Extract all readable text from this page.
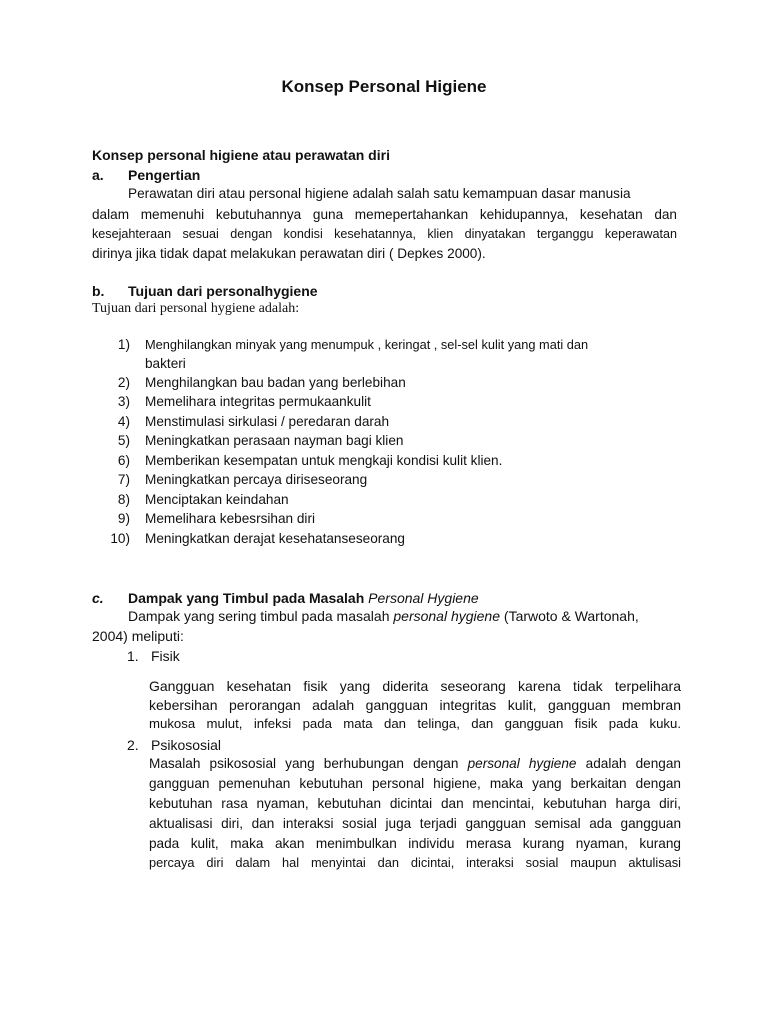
Konsep Personal Higiene
Konsep personal higiene atau perawatan diri
a. Pengertian
Perawatan diri atau personal higiene adalah salah satu kemampuan dasar manusia
dalam memenuhi kebutuhannya guna memepertahankan kehidupannya, kesehatan dan
kesejahteraan sesuai dengan kondisi kesehatannya, klien dinyatakan terganggu keperawatan
dirinya jika tidak dapat melakukan perawatan diri ( Depkes 2000).
b. Tujuan dari personalhygiene
Tujuan dari personal hygiene adalah:
1) Menghilangkan minyak yang menumpuk , keringat , sel-sel kulit yang mati dan
bakteri
2) Menghilangkan bau badan yang berlebihan
3) Memelihara integritas permukaankulit
4) Menstimulasi sirkulasi / peredaran darah
5) Meningkatkan perasaan nayman bagi klien
6) Memberikan kesempatan untuk mengkaji kondisi kulit klien.
7) Meningkatkan percaya diriseseorang
8) Menciptakan keindahan
9) Memelihara kebesrsihan diri
10) Meningkatkan derajat kesehatanseseorang
c. Dampak yang Timbul pada Masalah Personal Hygiene
Dampak yang sering timbul pada masalah personal hygiene (Tarwoto & Wartonah,
2004) meliputi:
1. Fisik
Gangguan kesehatan fisik yang diderita seseorang karena tidak terpelihara
kebersihan perorangan adalah gangguan integritas kulit, gangguan membran
mukosa mulut, infeksi pada mata dan telinga, dan gangguan fisik pada kuku.
2. Psikososial
Masalah psikososial yang berhubungan dengan personal hygiene adalah dengan
gangguan pemenuhan kebutuhan personal higiene, maka yang berkaitan dengan
kebutuhan rasa nyaman, kebutuhan dicintai dan mencintai, kebutuhan harga diri,
aktualisasi diri, dan interaksi sosial juga terjadi gangguan semisal ada gangguan
pada kulit, maka akan menimbulkan individu merasa kurang nyaman, kurang
percaya diri dalam hal menyintai dan dicintai, interaksi sosial maupun aktulisasi
